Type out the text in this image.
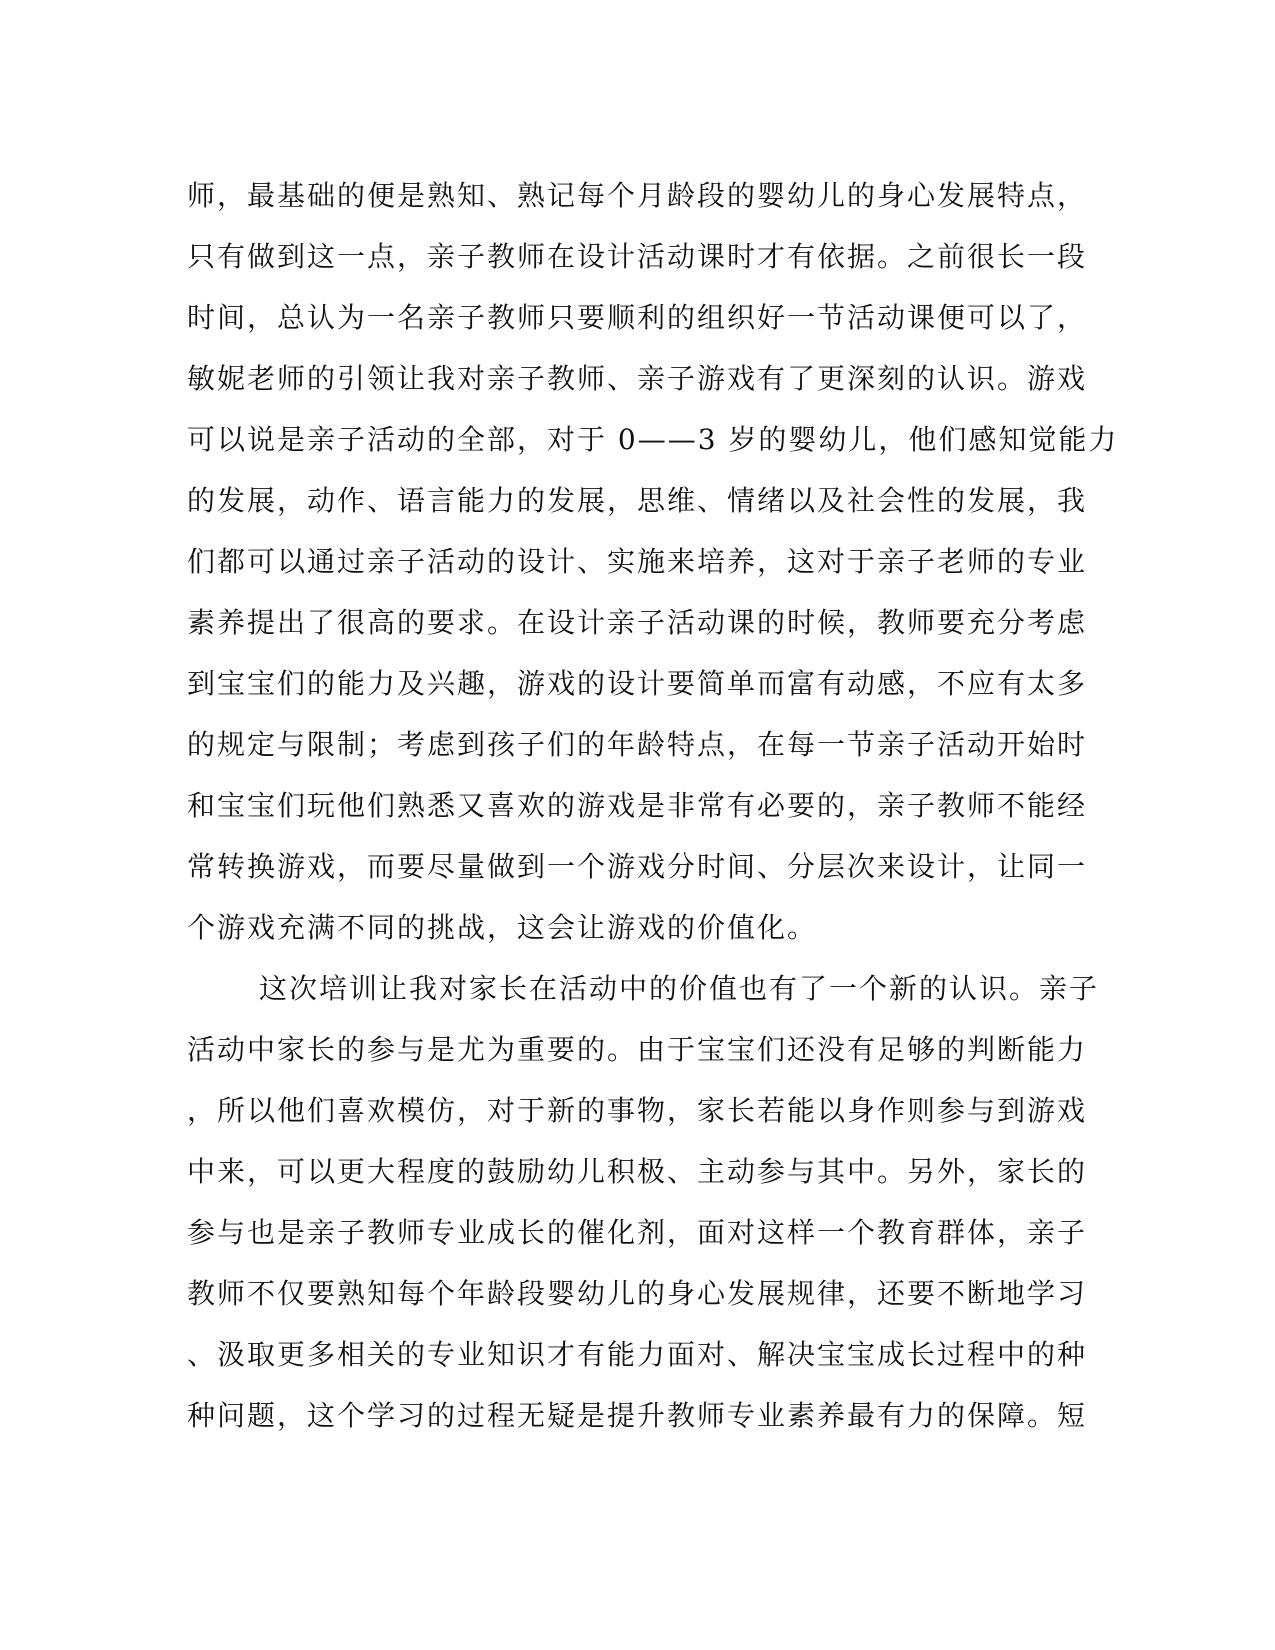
师，最基础的便是熟知、熟记每个月龄段的婴幼儿的身心发展特点，
只有做到这一点，亲子教师在设计活动课时才有依据。之前很长一段
时间，总认为一名亲子教师只要顺利的组织好一节活动课便可以了，
敏妮老师的引领让我对亲子教师、亲子游戏有了更深刻的认识。游戏
可以说是亲子活动的全部，对于 0——3 岁的婴幼儿，他们感知觉能力
的发展，动作、语言能力的发展，思维、情绪以及社会性的发展，我
们都可以通过亲子活动的设计、实施来培养，这对于亲子老师的专业
素养提出了很高的要求。在设计亲子活动课的时候，教师要充分考虑
到宝宝们的能力及兴趣，游戏的设计要简单而富有动感，不应有太多
的规定与限制；考虑到孩子们的年龄特点，在每一节亲子活动开始时
和宝宝们玩他们熟悉又喜欢的游戏是非常有必要的，亲子教师不能经
常转换游戏，而要尽量做到一个游戏分时间、分层次来设计，让同一
个游戏充满不同的挑战，这会让游戏的价值化。
这次培训让我对家长在活动中的价值也有了一个新的认识。亲子
活动中家长的参与是尤为重要的。由于宝宝们还没有足够的判断能力
，所以他们喜欢模仿，对于新的事物，家长若能以身作则参与到游戏
中来，可以更大程度的鼓励幼儿积极、主动参与其中。另外，家长的
参与也是亲子教师专业成长的催化剂，面对这样一个教育群体，亲子
教师不仅要熟知每个年龄段婴幼儿的身心发展规律，还要不断地学习
、汲取更多相关的专业知识才有能力面对、解决宝宝成长过程中的种
种问题，这个学习的过程无疑是提升教师专业素养最有力的保障。短
